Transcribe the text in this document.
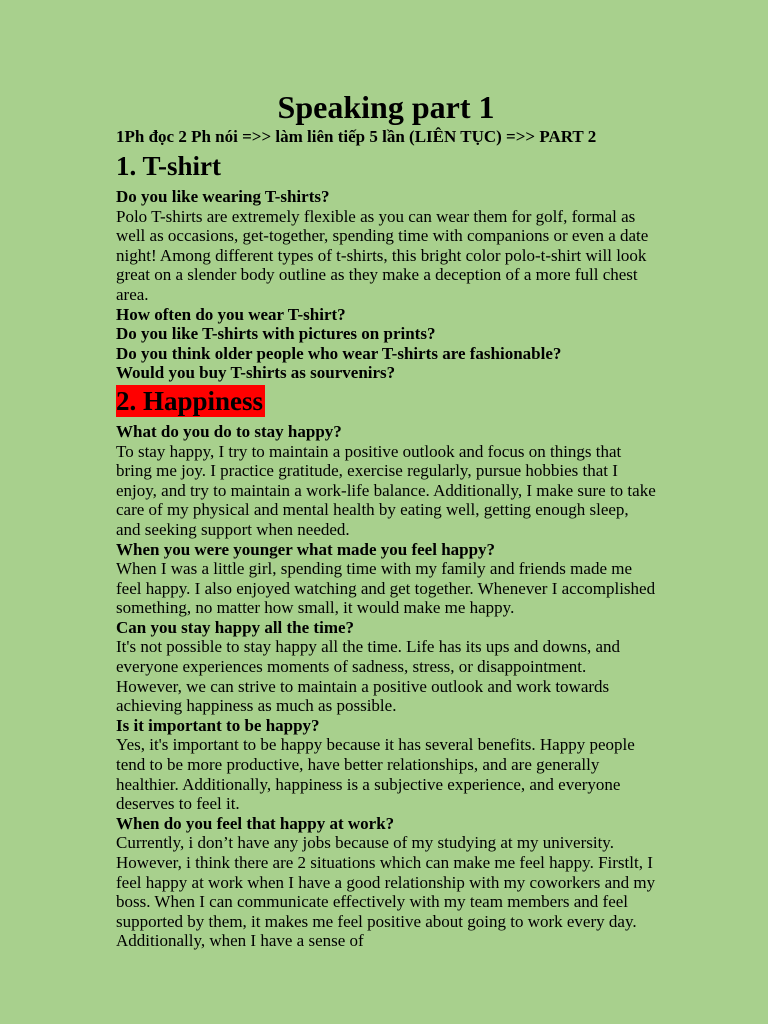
Speaking part 1

1Ph đọc 2 Ph nói =>> làm liên tiếp 5 lần (LIÊN TỤC) =>> PART 2

1. T-shirt

Do you like wearing T-shirts?

Polo T-shirts are extremely flexible as you can wear them for golf, formal as well as occasions, get-together, spending time with companions or even a date night! Among different types of t-shirts, this bright color polo-t-shirt will look great on a slender body outline as they make a deception of a more full chest area.

How often do you wear T-shirt?

Do you like T-shirts with pictures on prints?

Do you think older people who wear T-shirts are fashionable?

Would you buy T-shirts as sourvenirs?

2. Happiness

What do you do to stay happy?

To stay happy, I try to maintain a positive outlook and focus on things that bring me joy. I practice gratitude, exercise regularly, pursue hobbies that I enjoy, and try to maintain a work-life balance. Additionally, I make sure to take care of my physical and mental health by eating well, getting enough sleep, and seeking support when needed.

When you were younger what made you feel happy?

When I was a little girl, spending time with my family and friends made me feel happy. I also enjoyed watching and get together. Whenever I accomplished something, no matter how small, it would make me happy.

Can you stay happy all the time?

It's not possible to stay happy all the time. Life has its ups and downs, and everyone experiences moments of sadness, stress, or disappointment. However, we can strive to maintain a positive outlook and work towards achieving happiness as much as possible.

Is it important to be happy?

Yes, it's important to be happy because it has several benefits. Happy people tend to be more productive, have better relationships, and are generally healthier. Additionally, happiness is a subjective experience, and everyone deserves to feel it.

When do you feel that happy at work?

Currently, i don’t have any jobs because of my studying at my university. However, i think there are 2 situations which can make me feel happy. Firstlt, I feel happy at work when I have a good relationship with my coworkers and my boss. When I can communicate effectively with my team members and feel supported by them, it makes me feel positive about going to work every day. Additionally, when I have a sense of
